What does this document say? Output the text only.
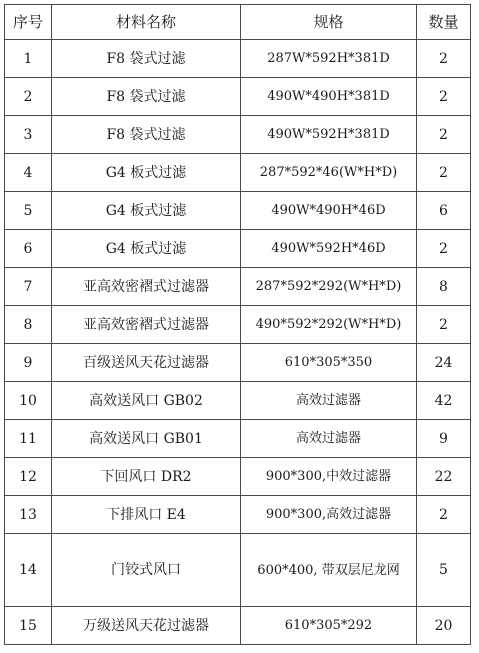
序号	材料名称	规格	数量
1	F8 袋式过滤	287W*592H*381D	2
2	F8 袋式过滤	490W*490H*381D	2
3	F8 袋式过滤	490W*592H*381D	2
4	G4 板式过滤	287*592*46(W*H*D)	2
5	G4 板式过滤	490W*490H*46D	6
6	G4 板式过滤	490W*592H*46D	2
7	亚高效密褶式过滤器	287*592*292(W*H*D)	8
8	亚高效密褶式过滤器	490*592*292(W*H*D)	2
9	百级送风天花过滤器	610*305*350	24
10	高效送风口 GB02	高效过滤器	42
11	高效送风口 GB01	高效过滤器	9
12	下回风口 DR2	900*300,中效过滤器	22
13	下排风口 E4	900*300,高效过滤器	2
14	门铰式风口	600*400, 带双层尼龙网	5
15	万级送风天花过滤器	610*305*292	20
